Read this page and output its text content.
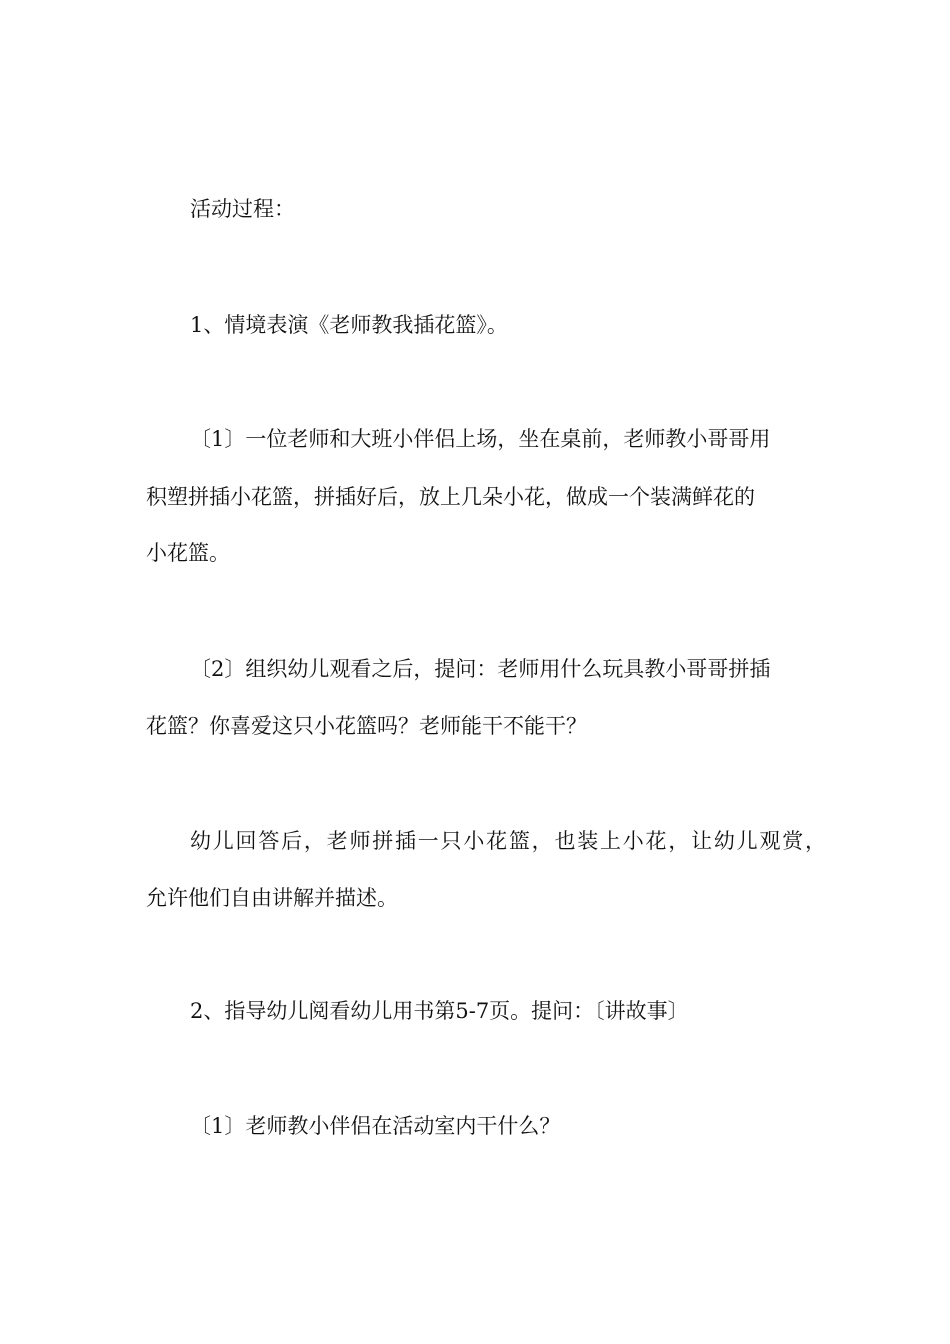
活动过程：

1、情境表演《老师教我插花篮》。

〔1〕一位老师和大班小伴侣上场，坐在桌前，老师教小哥哥用

积塑拼插小花篮，拼插好后，放上几朵小花，做成一个装满鲜花的

小花篮。

〔2〕组织幼儿观看之后，提问：老师用什么玩具教小哥哥拼插

花篮？你喜爱这只小花篮吗？老师能干不能干？

幼儿回答后，老师拼插一只小花篮，也装上小花，让幼儿观赏，

允许他们自由讲解并描述。

2、指导幼儿阅看幼儿用书第5-7页。提问：〔讲故事〕

〔1〕老师教小伴侣在活动室内干什么？
